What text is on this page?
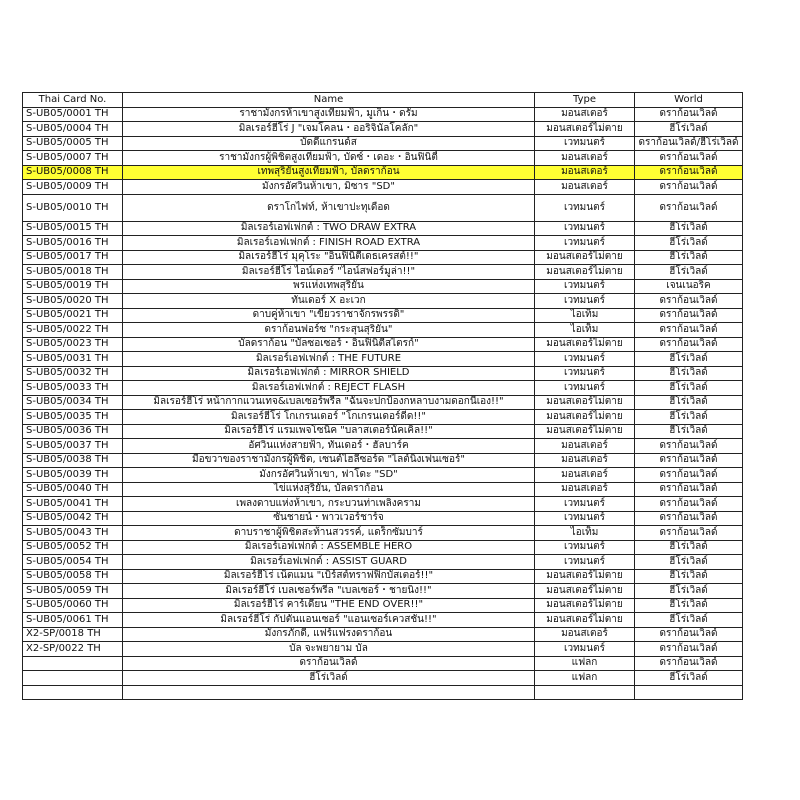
Thai Card No.	Name	Type	World
S-UB05/0001 TH	ราชามังกรห้าเขาสูงเทียมฟ้า, มูเก็น・ดรัม	มอนสเตอร์	ดราก้อนเวิลด์
S-UB05/0004 TH	มิลเรอร์ฮีโร่ J "เจมโคลน・ออริจินัลโคลัก"	มอนสเตอร์ไม่ตาย	ฮีโร่เวิลด์
S-UB05/0005 TH	บัดดี้แกรนด์ส	เวทมนตร์	ดราก้อนเวิลด์/ฮีโร่เวิลด์
S-UB05/0007 TH	ราชามังกรผู้พิชิตสูงเทียมฟ้า, บัดซ์・เดอะ・อินฟินิตี้	มอนสเตอร์	ดราก้อนเวิลด์
S-UB05/0008 TH	เทพสุริยันสูงเทียมฟ้า, บัลดราก้อน	มอนสเตอร์	ดราก้อนเวิลด์
S-UB05/0009 TH	มังกรอัศวินห้าเขา, มิซาร "SD"	มอนสเตอร์	ดราก้อนเวิลด์
S-UB05/0010 TH	ดราโกไฟท์, ห้าเขาปะทุเดือด	เวทมนตร์	ดราก้อนเวิลด์
S-UB05/0015 TH	มิลเรอร์เอฟเฟกต์ : TWO DRAW EXTRA	เวทมนตร์	ฮีโร่เวิลด์
S-UB05/0016 TH	มิลเรอร์เอฟเฟกต์ : FINISH ROAD EXTRA	เวทมนตร์	ฮีโร่เวิลด์
S-UB05/0017 TH	มิลเรอร์ฮีโร่ มุคุโระ "อินฟินิตี้เดธเครสต์!!"	มอนสเตอร์ไม่ตาย	ฮีโร่เวิลด์
S-UB05/0018 TH	มิลเรอร์ฮีโร่ ไอน์เดอร์ "ไอน์สฟอร์มูล่า!!"	มอนสเตอร์ไม่ตาย	ฮีโร่เวิลด์
S-UB05/0019 TH	พรแห่งเทพสุริยัน	เวทมนตร์	เจนเนอริค
S-UB05/0020 TH	ทันเดอร์ X อะเวก	เวทมนตร์	ดราก้อนเวิลด์
S-UB05/0021 TH	ดาบคู่ห้าเขา "เขี้ยวราชาจักรพรรดิ"	ไอเท็ม	ดราก้อนเวิลด์
S-UB05/0022 TH	ดราก้อนฟอร์ซ "กระสุนสุริยัน"	ไอเท็ม	ดราก้อนเวิลด์
S-UB05/0023 TH	บัลดราก้อน "บัลซอเซอร์・อินฟินิตี้สไตรก์"	มอนสเตอร์ไม่ตาย	ดราก้อนเวิลด์
S-UB05/0031 TH	มิลเรอร์เอฟเฟกต์ : THE FUTURE	เวทมนตร์	ฮีโร่เวิลด์
S-UB05/0032 TH	มิลเรอร์เอฟเฟกต์ : MIRROR SHIELD	เวทมนตร์	ฮีโร่เวิลด์
S-UB05/0033 TH	มิลเรอร์เอฟเฟกต์ : REJECT FLASH	เวทมนตร์	ฮีโร่เวิลด์
S-UB05/0034 TH	มิลเรอร์ฮีโร่ หน้ากากแวนเทจ&เบลเซอร์พรีล "ฉันจะปกป้องกหลาบงามดอกนี้เอง!!"	มอนสเตอร์ไม่ตาย	ฮีโร่เวิลด์
S-UB05/0035 TH	มิลเรอร์ฮีโร่ โกเกรนเดอร์ "โกเกรนเดอร์ดีด!!"	มอนสเตอร์ไม่ตาย	ฮีโร่เวิลด์
S-UB05/0036 TH	มิลเรอร์ฮีโร่ แรมเพจโซนิค "บลาสเตอร์นัคเคิล!!"	มอนสเตอร์ไม่ตาย	ฮีโร่เวิลด์
S-UB05/0037 TH	อัศวินแห่งสายฟ้า, ทันเดอร์・ฮัลบาร์ค	มอนสเตอร์	ดราก้อนเวิลด์
S-UB05/0038 TH	มือขวาของราชามังกรผู้พิชิต, เซนต์ไฮลีซอร์ด "ไลต์นิ่งเฟนเซอร์"	มอนสเตอร์	ดราก้อนเวิลด์
S-UB05/0039 TH	มังกรอัศวินห้าเขา, ฟาโดะ "SD"	มอนสเตอร์	ดราก้อนเวิลด์
S-UB05/0040 TH	ไข่แห่งสุริยัน, บัลดราก้อน	มอนสเตอร์	ดราก้อนเวิลด์
S-UB05/0041 TH	เพลงดาบแห่งห้าเขา, กระบวนท่าเพลิงคราม	เวทมนตร์	ดราก้อนเวิลด์
S-UB05/0042 TH	ซันชายน์・พาวเวอร์ชาร์จ	เวทมนตร์	ดราก้อนเวิลด์
S-UB05/0043 TH	ดาบราชาผู้พิชิตสะท้านสวรรค์, แดร็กซัมบาร์	ไอเท็ม	ดราก้อนเวิลด์
S-UB05/0052 TH	มิลเรอร์เอฟเฟกต์ : ASSEMBLE HERO	เวทมนตร์	ฮีโร่เวิลด์
S-UB05/0054 TH	มิลเรอร์เอฟเฟกต์ : ASSIST GUARD	เวทมนตร์	ฮีโร่เวิลด์
S-UB05/0058 TH	มิลเรอร์ฮีโร่ เน็ตแมน "เบิร์สต์ทราฟฟิกบัสเตอร์!!"	มอนสเตอร์ไม่ตาย	ฮีโร่เวิลด์
S-UB05/0059 TH	มิลเรอร์ฮีโร่ เบลเซอร์พรีล "เบลเซอร์・ชายนิ่ง!!"	มอนสเตอร์ไม่ตาย	ฮีโร่เวิลด์
S-UB05/0060 TH	มิลเรอร์ฮีโร่ คาร์เดียน "THE END OVER!!"	มอนสเตอร์ไม่ตาย	ฮีโร่เวิลด์
S-UB05/0061 TH	มิลเรอร์ฮีโร่ กัปตันแอนเซอร์ "แอนเซอร์เควสชั่น!!"	มอนสเตอร์ไม่ตาย	ฮีโร่เวิลด์
X2-SP/0018 TH	มังกรภักดี, แฟร์แฟรงดราก้อน	มอนสเตอร์	ดราก้อนเวิลด์
X2-SP/0022 TH	บัล จะพยายาม บัล	เวทมนตร์	ดราก้อนเวิลด์
	ดราก้อนเวิลด์	แฟลก	ดราก้อนเวิลด์
	ฮีโร่เวิลด์	แฟลก	ฮีโร่เวิลด์
